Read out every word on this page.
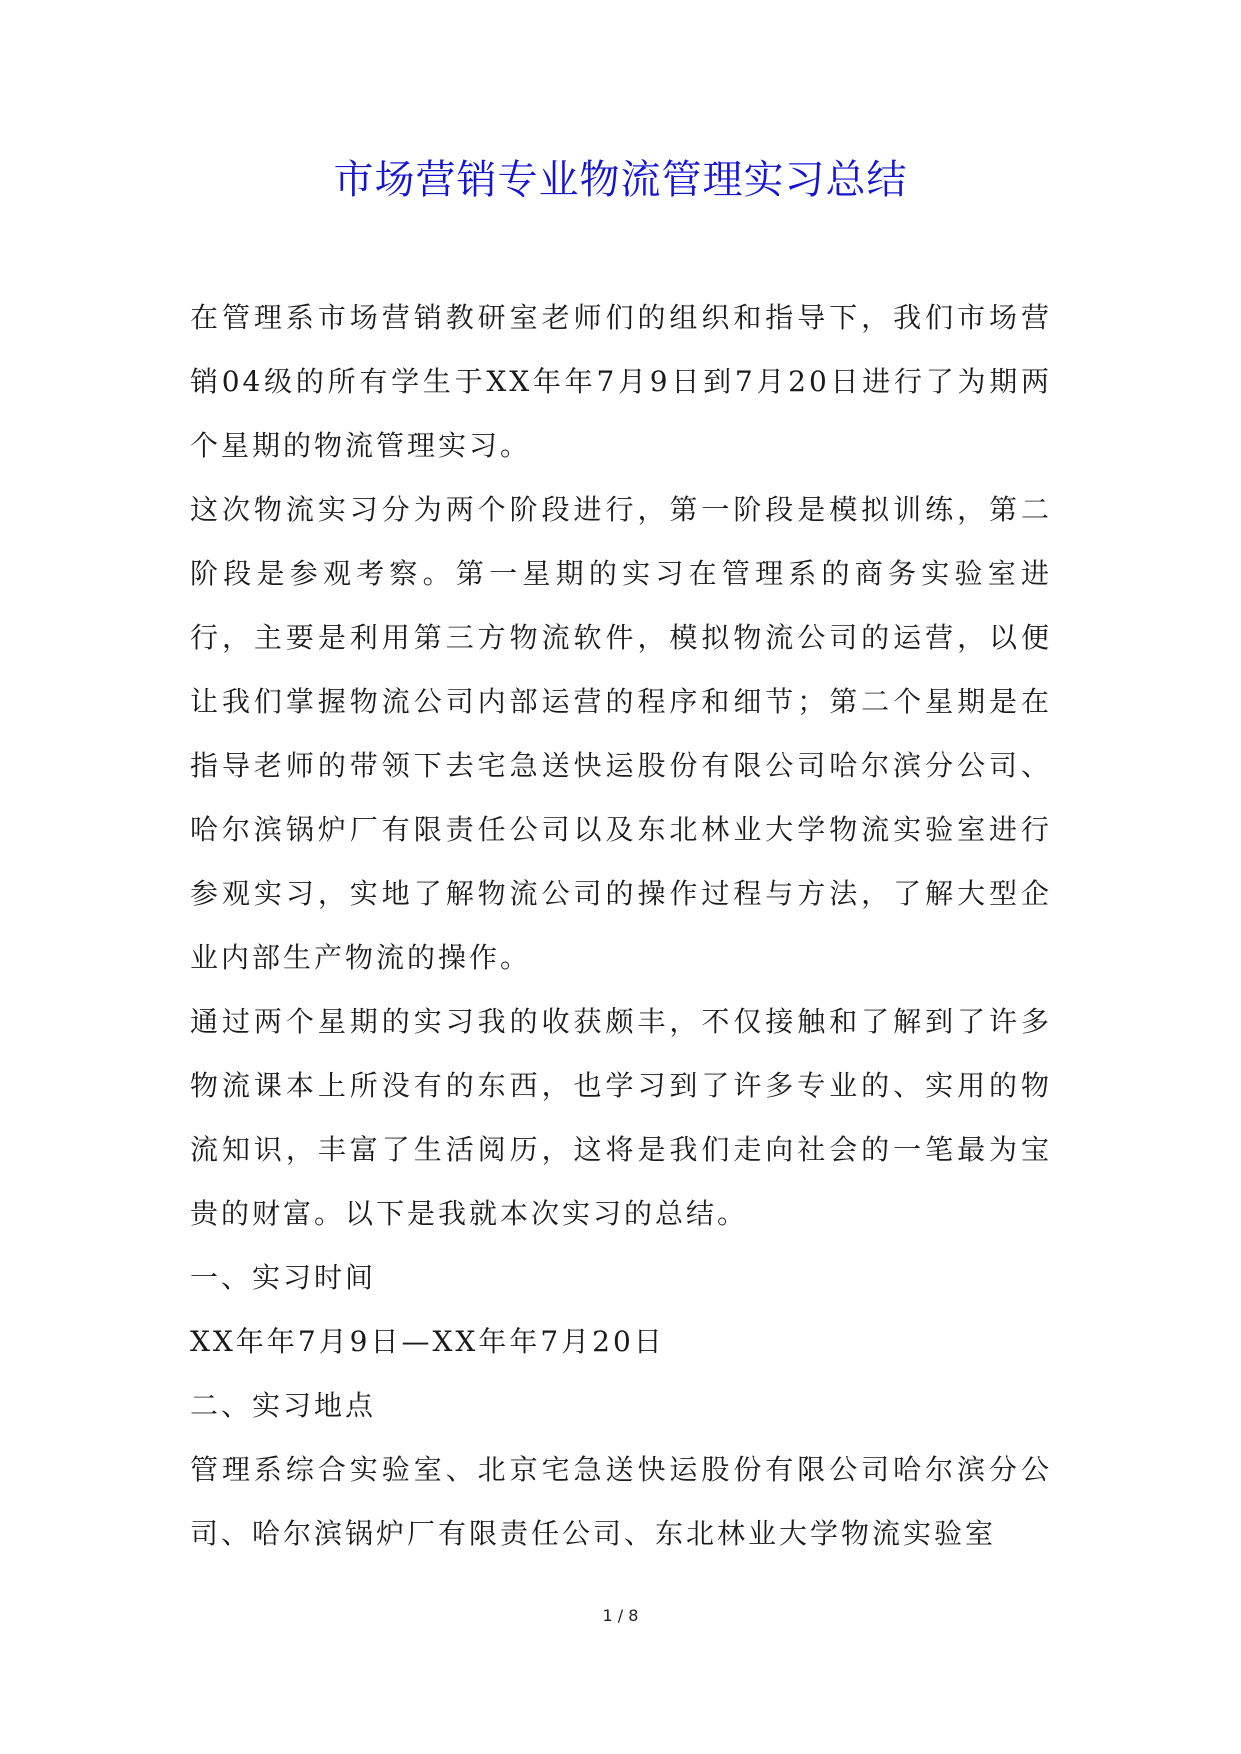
市场营销专业物流管理实习总结

在管理系市场营销教研室老师们的组织和指导下，我们市场营销04级的所有学生于XX年年7月9日到7月20日进行了为期两个星期的物流管理实习。

这次物流实习分为两个阶段进行，第一阶段是模拟训练，第二阶段是参观考察。第一星期的实习在管理系的商务实验室进行，主要是利用第三方物流软件，模拟物流公司的运营，以便让我们掌握物流公司内部运营的程序和细节；第二个星期是在指导老师的带领下去宅急送快运股份有限公司哈尔滨分公司、哈尔滨锅炉厂有限责任公司以及东北林业大学物流实验室进行参观实习，实地了解物流公司的操作过程与方法，了解大型企业内部生产物流的操作。

通过两个星期的实习我的收获颇丰，不仅接触和了解到了许多物流课本上所没有的东西，也学习到了许多专业的、实用的物流知识，丰富了生活阅历，这将是我们走向社会的一笔最为宝贵的财富。以下是我就本次实习的总结。

一、实习时间

XX年年7月9日—XX年年7月20日

二、实习地点

管理系综合实验室、北京宅急送快运股份有限公司哈尔滨分公司、哈尔滨锅炉厂有限责任公司、东北林业大学物流实验室

1 / 8
